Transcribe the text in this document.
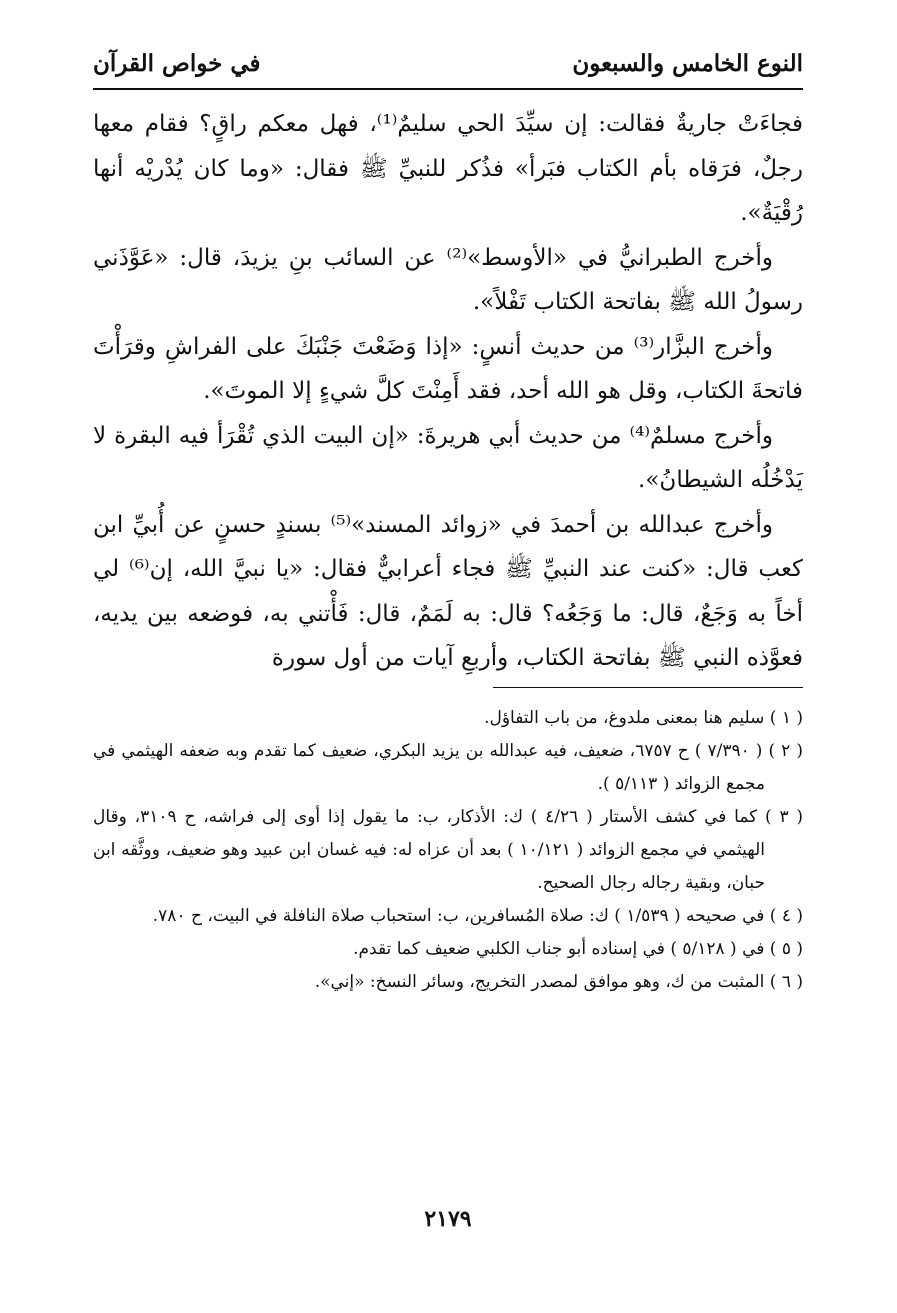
النوع الخامس والسبعون
في خواص القرآن

فجاءَتْ جاريةٌ فقالت: إن سيِّدَ الحي سليمٌ⁽¹⁾، فهل معكم راقٍ؟ فقام معها رجلٌ، فرَقاه بأم الكتاب فبَرأ» فذُكر للنبيِّ ﷺ فقال: «وما كان يُدْريْه أنها رُقْيَةٌ».

وأخرج الطبرانيُّ في «الأوسط»⁽²⁾ عن السائب بنِ يزيدَ، قال: «عَوَّذَني رسولُ الله ﷺ بفاتحة الكتاب تَفْلاً».

وأخرج البزَّار⁽³⁾ من حديث أنسٍ: «إذا وَضَعْتَ جَنْبَكَ على الفراشِ وقرَأْتَ فاتحةَ الكتاب، وقل هو الله أحد، فقد أَمِنْتَ كلَّ شيءٍ إلا الموتَ».

وأخرج مسلمٌ⁽⁴⁾ من حديث أبي هريرةَ: «إن البيت الذي تُقْرَأ فيه البقرة لا يَدْخُلُه الشيطانُ».

وأخرج عبدالله بن أحمدَ في «زوائد المسند»⁽⁵⁾ بسندٍ حسنٍ عن أُبيِّ ابن كعب قال: «كنت عند النبيِّ ﷺ فجاء أعرابيٌّ فقال: «يا نبيَّ الله، إن⁽⁶⁾ لي أخاً به وَجَعٌ، قال: ما وَجَعُه؟ قال: به لَمَمٌ، قال: فَأْتني به، فوضعه بين يديه، فعوَّذه النبي ﷺ بفاتحة الكتاب، وأربعِ آيات من أول سورة

( ١ ) سليم هنا بمعنى ملدوغ، من باب التفاؤل.

( ٢ ) ( ٧/٣٩٠ ) ح ٦٧٥٧، ضعيف، فيه عبدالله بن يزيد البكري، ضعيف كما تقدم وبه ضعفه الهيثمي في مجمع الزوائد ( ٥/١١٣ ).

( ٣ ) كما في كشف الأستار ( ٤/٢٦ ) ك: الأذكار، ب: ما يقول إذا أوى إلى فراشه، ح ٣١٠٩، وقال الهيثمي في مجمع الزوائد ( ١٠/١٢١ ) بعد أن عزاه له: فيه غسان ابن عبيد وهو ضعيف، ووثَّقه ابن حبان، وبقية رجاله رجال الصحيح.

( ٤ ) في صحيحه ( ١/٥٣٩ ) ك: صلاة المُسافرين، ب: استحباب صلاة النافلة في البيت، ح ٧٨٠.

( ٥ ) في ( ٥/١٢٨ ) في إسناده أبو جناب الكلبي ضعيف كما تقدم.

( ٦ ) المثبت من ك، وهو موافق لمصدر التخريج، وسائر النسخ: «إني».

٢١٧٩
